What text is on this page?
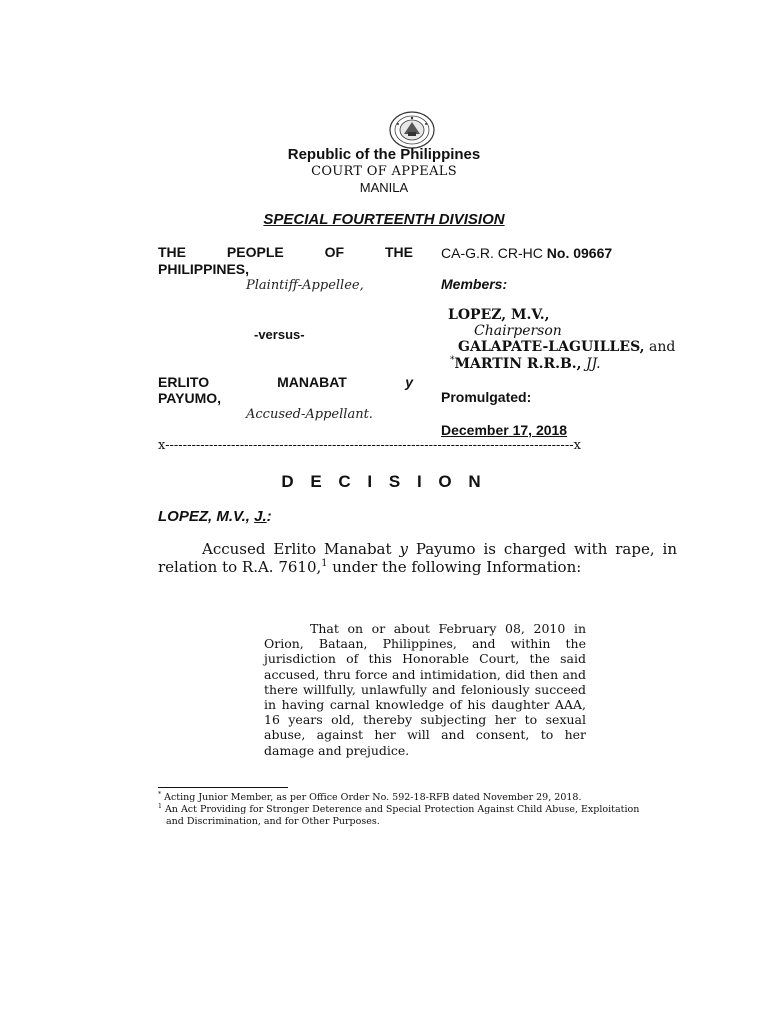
Republic of the Philippines
COURT OF APPEALS
MANILA
SPECIAL FOURTEENTH DIVISION
THE PEOPLE OF THE
PHILIPPINES,
Plaintiff-Appellee,
-versus-
ERLITO              MANABAT            y
PAYUMO,
Accused-Appellant.
CA-G.R. CR-HC No. 09667
Members:
LOPEZ, M.V.,
Chairperson
GALAPATE-LAGUILLES, and
*MARTIN R.R.B., JJ.
Promulgated:
December 17, 2018
x---------------------------------------------------------------------------------------------x
D E C I S I O N
LOPEZ, M.V., J.:
Accused Erlito Manabat y Payumo is charged with rape, in relation to R.A. 7610,$^1$ under the following Information:
That on or about February 08, 2010 in Orion, Bataan, Philippines, and within the jurisdiction of this Honorable Court, the said accused, thru force and intimidation, did then and there willfully, unlawfully and feloniously succeed in having carnal knowledge of his daughter AAA, 16 years old, thereby subjecting her to sexual abuse, against her will and consent, to her damage and prejudice.
* Acting Junior Member, as per Office Order No. 592-18-RFB dated November 29, 2018.
$^1$ An Act Providing for Stronger Deterence and Special Protection Against Child Abuse, Exploitation
and Discrimination, and for Other Purposes.
